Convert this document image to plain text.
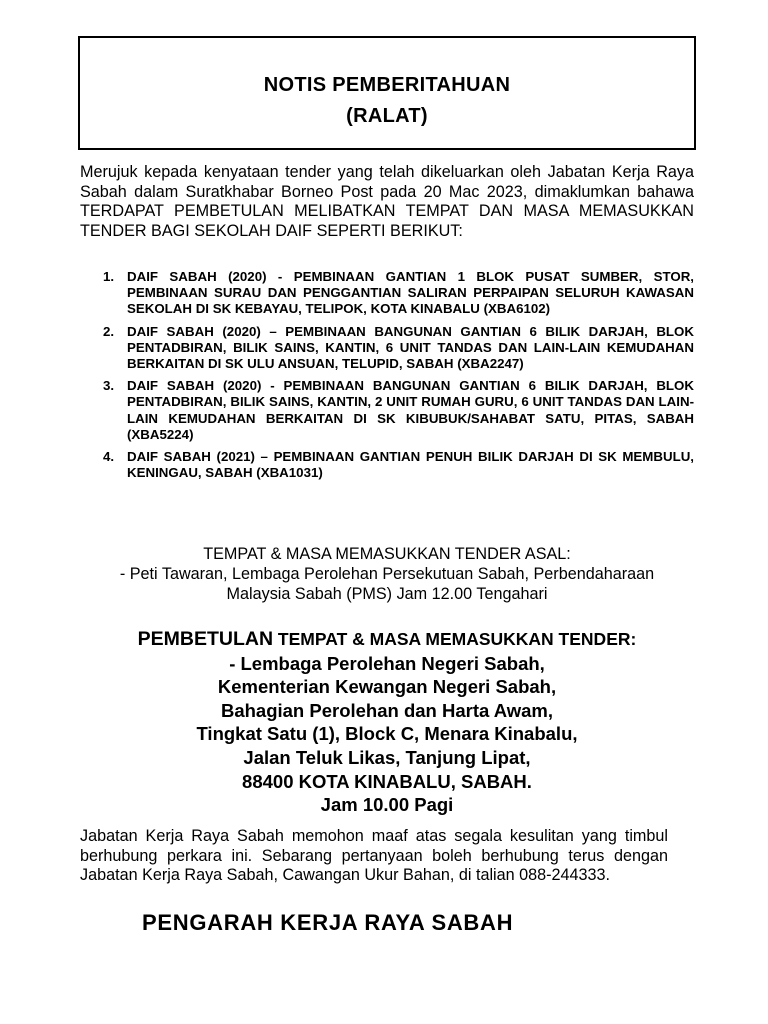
NOTIS PEMBERITAHUAN
(RALAT)

Merujuk kepada kenyataan tender yang telah dikeluarkan oleh Jabatan Kerja Raya Sabah dalam Suratkhabar Borneo Post pada 20 Mac 2023, dimaklumkan bahawa TERDAPAT PEMBETULAN MELIBATKAN TEMPAT DAN MASA MEMASUKKAN TENDER BAGI SEKOLAH DAIF SEPERTI BERIKUT:

1. DAIF SABAH (2020) - PEMBINAAN GANTIAN 1 BLOK PUSAT SUMBER, STOR, PEMBINAAN SURAU DAN PENGGANTIAN SALIRAN PERPAIPAN SELURUH KAWASAN SEKOLAH DI SK KEBAYAU, TELIPOK, KOTA KINABALU (XBA6102)
2. DAIF SABAH (2020) – PEMBINAAN BANGUNAN GANTIAN 6 BILIK DARJAH, BLOK PENTADBIRAN, BILIK SAINS, KANTIN, 6 UNIT TANDAS DAN LAIN-LAIN KEMUDAHAN BERKAITAN DI SK ULU ANSUAN, TELUPID, SABAH (XBA2247)
3. DAIF SABAH (2020) - PEMBINAAN BANGUNAN GANTIAN 6 BILIK DARJAH, BLOK PENTADBIRAN, BILIK SAINS, KANTIN, 2 UNIT RUMAH GURU, 6 UNIT TANDAS DAN LAIN-LAIN KEMUDAHAN BERKAITAN DI SK KIBUBUK/SAHABAT SATU, PITAS, SABAH (XBA5224)
4. DAIF SABAH (2021) – PEMBINAAN GANTIAN PENUH BILIK DARJAH DI SK MEMBULU, KENINGAU, SABAH (XBA1031)
TEMPAT & MASA MEMASUKKAN TENDER ASAL:
- Peti Tawaran, Lembaga Perolehan Persekutuan Sabah, Perbendaharaan
Malaysia Sabah (PMS) Jam 12.00 Tengahari
PEMBETULAN TEMPAT & MASA MEMASUKKAN TENDER:
- Lembaga Perolehan Negeri Sabah,
Kementerian Kewangan Negeri Sabah,
Bahagian Perolehan dan Harta Awam,
Tingkat Satu (1), Block C, Menara Kinabalu,
Jalan Teluk Likas, Tanjung Lipat,
88400 KOTA KINABALU, SABAH.
Jam 10.00 Pagi

Jabatan Kerja Raya Sabah memohon maaf atas segala kesulitan yang timbul berhubung perkara ini. Sebarang pertanyaan boleh berhubung terus dengan Jabatan Kerja Raya Sabah, Cawangan Ukur Bahan, di talian 088-244333.

PENGARAH KERJA RAYA SABAH
